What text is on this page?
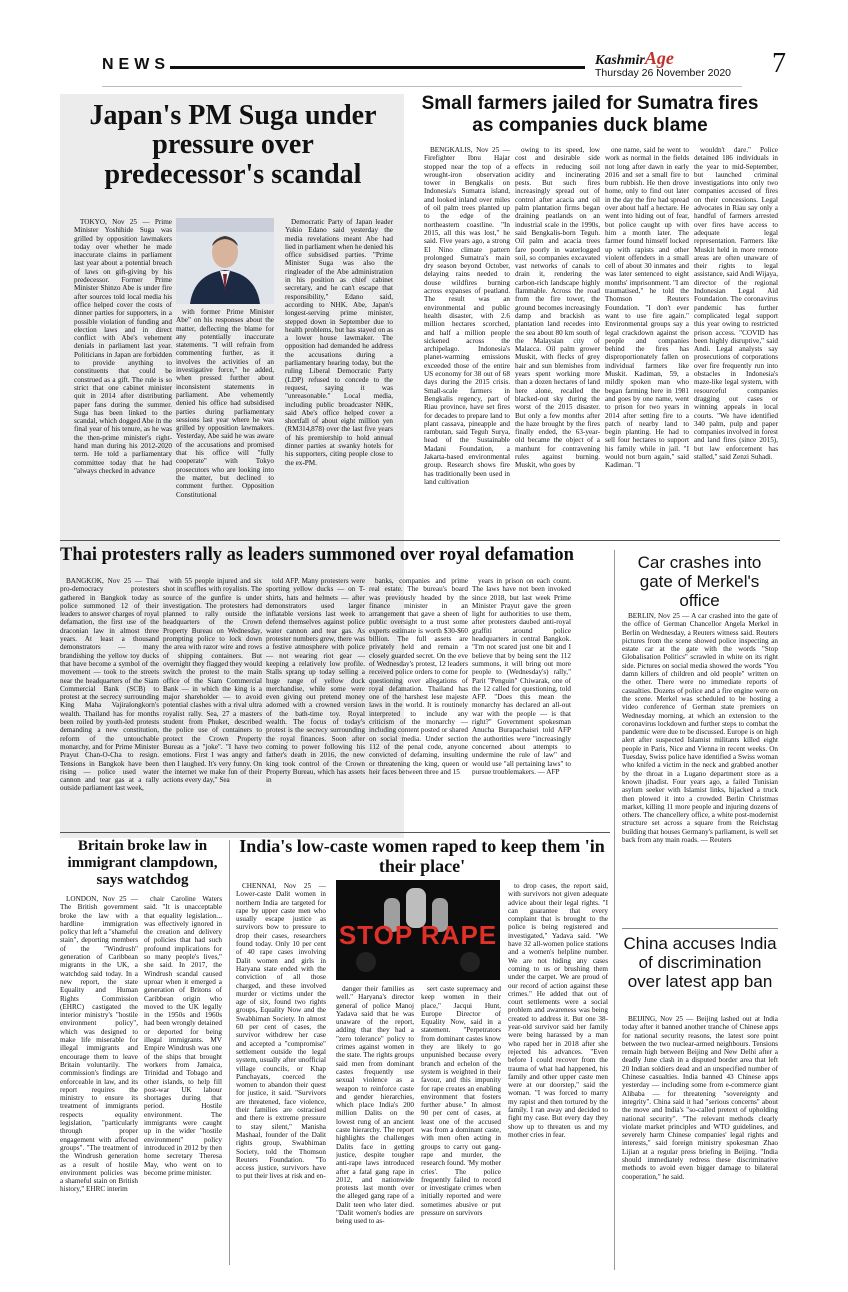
NEWS	KashmirAge
Thursday 26 November 2020 7
Japan's PM Suga under pressure over predecessor's scandal

TOKYO, Nov 25 — Prime Minister Yoshihide Suga was grilled by opposition lawmakers today over whether he made inaccurate claims in parliament last year about a potential breach of laws on gift-giving by his predecessor. Former Prime Minister Shinzo Abe is under fire after sources told local media his office helped cover the costs of dinner parties for supporters, in a possible violation of funding and election laws and in direct conflict with Abe's vehement denials in parliament last year. Politicians in Japan are forbidden to provide anything to constituents that could be construed as a gift. The rule is so strict that one cabinet minister quit in 2014 after distributing paper fans during the summer. Suga has been linked to the scandal, which dogged Abe in the final year of his tenure, as he was the then-prime minister's right-hand man during his 2012-2020 term. He told a parliamentary committee today that he had "always checked in advance

with former Prime Minister Abe" on his responses about the matter, deflecting the blame for any potentially inaccurate statements. "I will refrain from commenting further, as it involves the activities of an investigative force," he added, when pressed further about inconsistent statements in parliament. Abe vehemently denied his office had subsidised parties during parliamentary sessions last year where he was grilled by opposition lawmakers. Yesterday, Abe said he was aware of the accusations and promised that his office will "fully cooperate" with Tokyo prosecutors who are looking into the matter, but declined to comment further. Opposition Constitutional

Democratic Party of Japan leader Yukio Edano said yesterday the media revelations meant Abe had lied in parliament when he denied his office subsidised parties. "Prime Minister Suga was also the ringleader of the Abe administration in his position as chief cabinet secretary, and he can't escape that responsibility," Edano said, according to NHK. Abe, Japan's longest-serving prime minister, stepped down in September due to health problems, but has stayed on as a lower house lawmaker. The opposition had demanded he address the accusations during a parliamentary hearing today, but the ruling Liberal Democratic Party (LDP) refused to concede to the request, saying it was "unreasonable." Local media, including public broadcaster NHK, said Abe's office helped cover a shortfall of about eight million yen (RM314,878) over the last five years of his premiership to hold annual dinner parties at swanky hotels for his supporters, citing people close to the ex-PM.

Small farmers jailed for Sumatra fires as companies duck blame

BENGKALIS, Nov 25 — Firefighter Ibnu Hajar stopped near the top of a wrought-iron observation tower in Bengkalis on Indonesia's Sumatra island, and looked inland over miles of oil palm trees planted up to the edge of the northeastern coastline. "In 2015, all this was lost," he said. Five years ago, a strong El Nino climate pattern prolonged Sumatra's main dry season beyond October, delaying rains needed to douse wildfires burning across expanses of peatland. The result was an environmental and public health disaster, with 2.6 million hectares scorched, and half a million people sickened across the archipelago. Indonesia's planet-warming emissions exceeded those of the entire US economy for 38 out of 68 days during the 2015 crisis. Small-scale farmers in Bengkalis regency, part of Riau province, have set fires for decades to prepare land to plant cassava, pineapple and rambutan, said Teguh Surya, head of the Sustainable Madani Foundation, a Jakarta-based environmental group. Research shows fire has traditionally been used in land cultivation

owing to its speed, low cost and desirable side effects in reducing soil acidity and incinerating pests. But such fires increasingly spread out of control after acacia and oil palm plantation firms began draining peatlands on an industrial scale in the 1990s, said Bengkalis-born Teguh. Oil palm and acacia trees fare poorly in waterlogged soil, so companies excavated vast networks of canals to drain it, rendering the carbon-rich landscape highly flammable. Across the road from the fire tower, the ground becomes increasingly damp and brackish as plantation land recedes into the sea about 80 km south of the Malaysian city of Malacca. Oil palm grower Muskit, with flecks of grey hair and sun blemishes from years spent working more than a dozen hectares of land here alone, recalled the blacked-out sky during the worst of the 2015 disaster. But only a few months after the haze brought by the fires finally ended, the 63-year-old became the object of a manhunt for contravening rules against burning. Muskit, who goes by

one name, said he went to work as normal in the fields not long after dawn in early 2016 and set a small fire to burn rubbish. He then drove home, only to find out later in the day the fire had spread over about half a hectare. He went into hiding out of fear, but police caught up with him a month later. The farmer found himself locked up with rapists and other violent offenders in a small cell of about 30 inmates and was later sentenced to eight months' imprisonment. "I am traumatised," he told the Thomson Reuters Foundation. "I don't ever want to use fire again." Environmental groups say a legal crackdown against the people and companies behind the fires has disproportionately fallen on individual farmers like Muskit. Kadiman, 59, a mildly spoken man who began farming here in 1981 and goes by one name, went to prison for two years in 2014 after setting fire to a patch of nearby land to begin planting. He had to sell four hectares to support his family while in jail. "I would not burn again," said Kadiman. "I

wouldn't dare." Police detained 186 individuals in the year to mid-September, but launched criminal investigations into only two companies accused of fires on their concessions. Legal advocates in Riau say only a handful of farmers arrested over fires have access to adequate legal representation. Farmers like Muskit held in more remote areas are often unaware of their rights to legal assistance, said Andi Wijaya, director of the regional Indonesian Legal Aid Foundation. The coronavirus pandemic has further complicated legal support this year owing to restricted prison access. "COVID has been highly disruptive," said Andi. Legal analysts say prosecutions of corporations over fire frequently run into obstacles in Indonesia's maze-like legal system, with resourceful companies dragging out cases or winning appeals in local courts. "We have identified 340 palm, pulp and paper companies involved in forest and land fires (since 2015), but law enforcement has stalled," said Zenzi Suhadi.

Thai protesters rally as leaders summoned over royal defamation

BANGKOK, Nov 25 — Thai pro-democracy protesters gathered in Bangkok today as police summoned 12 of their leaders to answer charges of royal defamation, the first use of the draconian law in almost three years. At least a thousand demonstrators — many brandishing the yellow toy ducks that have become a symbol of the movement — took to the streets near the headquarters of the Siam Commercial Bank (SCB) to protest at the secrecy surrounding King Maha Vajiralongkorn's wealth. Thailand has for months been roiled by youth-led protests demanding a new constitution, reform of the untouchable monarchy, and for Prime Minister Prayut Chan-O-Cha to resign. Tensions in Bangkok have been rising — police used water cannon and tear gas at a rally outside parliament last week,

with 55 people injured and six shot in scuffles with royalists. The source of the gunfire is under investigation. The protesters had planned to rally outside the headquarters of the Crown Property Bureau on Wednesday, prompting police to lock down the area with razor wire and rows of shipping containers. But overnight they flagged they would switch the protest to the main office of the Siam Commercial Bank — in which the king is a major shareholder — to avoid potential clashes with a rival ultra royalist rally. Sea, 27 a masters student from Phuket, described the police use of containers to protect the Crown Property Bureau as a "joke". "I have two emotions. First I was angry and then I laughed. It's very funny. On the internet we make fun of their actions every day," Sea

told AFP. Many protesters were sporting yellow ducks — on T-shirts, hats and helmets — after demonstrators used larger inflatable versions last week to defend themselves against police water cannon and tear gas. As protester numbers grew, there was a festive atmosphere with police — not wearing riot gear — keeping a relatively low profile. Stalls sprang up today selling a huge range of yellow duck merchandise, while some were even giving out pretend money adorned with a crowned version of the bath-time toy. Royal wealth. The focus of today's protest is the secrecy surrounding the royal finances. Soon after coming to power following his father's death in 2016, the new king took control of the Crown Property Bureau, which has assets in

banks, companies and prime real estate. The bureau's board was previously headed by the finance minister in an arrangement that gave a sheen of public oversight to a trust some experts estimate is worth $30-$60 billion. The full assets are privately held and remain a closely guarded secret. On the eve of Wednesday's protest, 12 leaders received police orders to come for questioning over allegations of royal defamation. Thailand has one of the harshest lese majeste laws in the world. It is routinely interpreted to include any criticism of the monarchy — including content posted or shared on social media. Under section 112 of the penal code, anyone convicted of defaming, insulting or threatening the king, queen or heir faces between three and 15

years in prison on each count. The laws have not been invoked since 2018, but last week Prime Minister Prayut gave the green light for authorities to use them, after protesters daubed anti-royal graffiti around police headquarters in central Bangkok. "I'm not scared just one bit and I believe that by being sent the 112 summons, it will bring out more people to (Wednesday's) rally," Parit "Penguin" Chiwarak, one of the 12 called for questioning, told AFP. "Does this mean the monarchy has declared an all-out war with the people — is that right?" Government spokesman Anucha Burapachaisri told AFP the authorities were "increasingly concerned about attempts to undermine the rule of law" and would use "all pertaining laws" to pursue troublemakers. — AFP

Car crashes into gate of Merkel's office

BERLIN, Nov 25 — A car crashed into the gate of the office of German Chancellor Angela Merkel in Berlin on Wednesday, a Reuters witness said. Reuters pictures from the scene showed police inspecting an estate car at the gate with the words "Stop Globalisation Politics" scrawled in white on its right side. Pictures on social media showed the words "You damn killers of children and old people" written on the other. There were no immediate reports of casualties. Dozens of police and a fire engine were on the scene. Merkel was scheduled to be hosting a video conference of German state premiers on Wednesday morning, at which an extension to the coronavirus lockdown and further steps to combat the pandemic were due to be discussed. Europe is on high alert after suspected Islamist militants killed eight people in Paris, Nice and Vienna in recent weeks. On Tuesday, Swiss police have identified a Swiss woman who knifed a victim in the neck and grabbed another by the throat in a Lugano department store as a known jihadist. Four years ago, a failed Tunisian asylum seeker with Islamist links, hijacked a truck then plowed it into a crowded Berlin Christmas market, killing 11 more people and injuring dozens of others. The chancellery office, a white post-modernist structure set across a square from the Reichstag building that houses Germany's parliament, is well set back from any main roads. — Reuters

China accuses India of discrimination over latest app ban

BEIJING, Nov 25 — Beijing lashed out at India today after it banned another tranche of Chinese apps for national security reasons, the latest sore point between the two nuclear-armed neighbours. Tensions remain high between Beijing and New Delhi after a deadly June clash in a disputed border area that left 20 Indian soldiers dead and an unspecified number of Chinese casualties. India banned 43 Chinese apps yesterday — including some from e-commerce giant Alibaba — for threatening "sovereignty and integrity". China said it had "serious concerns" about the move and India's "so-called pretext of upholding national security". "The relevant methods clearly violate market principles and WTO guidelines, and severely harm Chinese companies' legal rights and interests," said foreign ministry spokesman Zhao Lijian at a regular press briefing in Beijing. "India should immediately redress these discriminative methods to avoid even bigger damage to bilateral cooperation," he said.

Britain broke law in immigrant clampdown, says watchdog

LONDON, Nov 25 — The British government broke the law with a hardline immigration policy that left a "shameful stain", deporting members of the "Windrush" generation of Caribbean migrants in the UK, a watchdog said today. In a new report, the state Equality and Human Rights Commission (EHRC) castigated the interior ministry's "hostile environment policy", which was designed to make life miserable for illegal immigrants and encourage them to leave Britain voluntarily. The commission's findings are enforceable in law, and its report requires the ministry to ensure its treatment of immigrants respects equality legislation, "particularly through proper engagement with affected groups". "The treatment of the Windrush generation as a result of hostile environment policies was a shameful stain on British history," EHRC interim

chair Caroline Waters said. "It is unacceptable that equality legislation... was effectively ignored in the creation and delivery of policies that had such profound implications for so many people's lives," she said. In 2017, the Windrush scandal caused uproar when it emerged a generation of Britons of Caribbean origin who moved to the UK legally in the 1950s and 1960s had been wrongly detained or deported for being illegal immigrants. MV Empire Windrush was one of the ships that brought workers from Jamaica, Trinidad and Tobago and other islands, to help fill post-war UK labour shortages during that period. Hostile environment. The immigrants were caught up in the wider "hostile environment" policy introduced in 2012 by then home secretary Theresa May, who went on to become prime minister.

India's low-caste women raped to keep them 'in their place'
STOP RAPE

CHENNAI, Nov 25 — Lower-caste Dalit women in northern India are targeted for rape by upper caste men who usually escape justice as survivors bow to pressure to drop their cases, researchers found today. Only 10 per cent of 40 rape cases involving Dalit women and girls in Haryana state ended with the conviction of all those charged, and these involved murder or victims under the age of six, found two rights groups, Equality Now and the Swabhiman Society. In almost 60 per cent of cases, the survivor withdrew her case and accepted a "compromise" settlement outside the legal system, usually after unofficial village councils, or Khap Panchayats, coerced the women to abandon their quest for justice, it said. "Survivors are threatened, face violence, their families are ostracised and there is extreme pressure to stay silent," Manisha Mashaal, founder of the Dalit rights group, Swabhiman Society, told the Thomson Reuters Foundation. "To access justice, survivors have to put their lives at risk and en-

danger their families as well." Haryana's director general of police Manoj Yadava said that he was unaware of the report, adding that they had a "zero tolerance" policy to crimes against women in the state. The rights groups said men from dominant castes frequently use sexual violence as a weapon to reinforce caste and gender hierarchies, which place India's 200 million Dalits on the lowest rung of an ancient caste hierarchy. The report highlights the challenges Dalits face in getting justice, despite tougher anti-rape laws introduced after a fatal gang rape in 2012, and nationwide protests last month over the alleged gang rape of a Dalit teen who later died. "Dalit women's bodies are being used to as-

sert caste supremacy and keep women in their place," Jacqui Hunt, Europe Director of Equality Now, said in a statement. "Perpetrators from dominant castes know they are likely to go unpunished because every branch and echelon of the system is weighted in their favour, and this impunity for rape creates an enabling environment that fosters further abuse." In almost 90 per cent of cases, at least one of the accused was from a dominant caste, with men often acting in groups to carry out gang-rape and murder, the research found. 'My mother cries'. The police frequently failed to record or investigate crimes when initially reported and were sometimes abusive or put pressure on survivors

to drop cases, the report said, with survivors not given adequate advice about their legal rights. "I can guarantee that every complaint that is brought to the police is being registered and investigated," Yadava said. "We have 32 all-women police stations and a women's helpline number. We are not hiding any cases coming to us or brushing them under the carpet. We are proud of our record of action against these crimes." He added that out of court settlements were a social problem and awareness was being created to address it. But one 38-year-old survivor said her family were being harassed by a man who raped her in 2018 after she rejected his advances. "Even before I could recover from the trauma of what had happened, his family and other upper caste men were at our doorstep," said the woman. "I was forced to marry my rapist and then tortured by the family. I ran away and decided to fight my case. But every day they show up to threaten us and my mother cries in fear.
